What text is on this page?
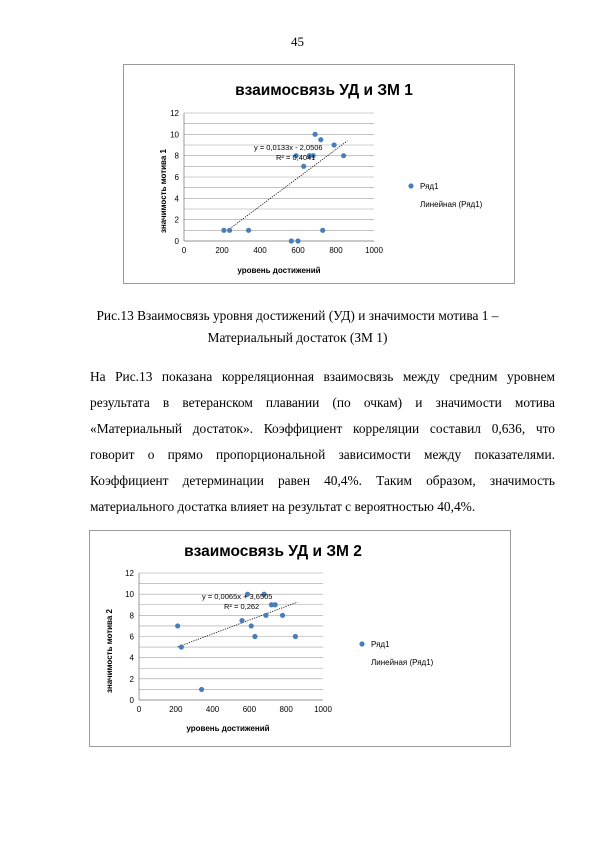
45
взаимосвязь УД и ЗМ 1
значимость мотива 1
уровень достижений
0
2
4
6
8
10
12
0	200	400	600	800	1000
y = 0,0133x - 2,0506
R² = 0,4041
Ряд1
Линейная (Ряд1)
Рис.13 Взаимосвязь уровня достижений (УД) и значимости мотива 1 –
Материальный достаток (ЗМ 1)
На Рис.13 показана корреляционная взаимосвязь между средним уровнем
результата в ветеранском плавании (по очкам) и значимости мотива
«Материальный достаток». Коэффициент корреляции составил 0,636, что
говорит о прямо пропорциональной зависимости между показателями.
Коэффициент детерминации равен 40,4%. Таким образом, значимость
материального достатка влияет на результат с вероятностью 40,4%.
взаимосвязь УД и ЗМ 2
значимость мотива 2
уровень достижений
0
2
4
6
8
10
12
0	200	400	600	800	1000
y = 0,0065x + 3,6505
R² = 0,262
Ряд1
Линейная (Ряд1)
